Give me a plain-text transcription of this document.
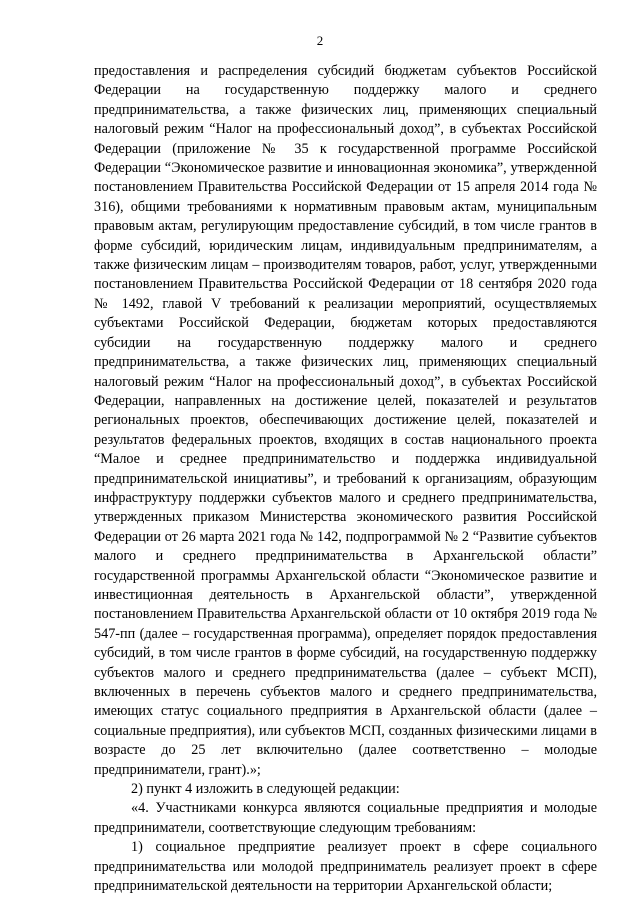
2

предоставления и распределения субсидий бюджетам субъектов Российской Федерации на государственную поддержку малого и среднего предпринимательства, а также физических лиц, применяющих специальный налоговый режим “Налог на профессиональный доход”, в субъектах Российской Федерации (приложение № 35 к государственной программе Российской Федерации “Экономическое развитие и инновационная экономика”, утвержденной постановлением Правительства Российской Федерации от 15 апреля 2014 года № 316), общими требованиями к нормативным правовым актам, муниципальным правовым актам, регулирующим предоставление субсидий, в том числе грантов в форме субсидий, юридическим лицам, индивидуальным предпринимателям, а также физическим лицам – производителям товаров, работ, услуг, утвержденными постановлением Правительства Российской Федерации от 18 сентября 2020 года № 1492, главой V требований к реализации мероприятий, осуществляемых субъектами Российской Федерации, бюджетам которых предоставляются субсидии на государственную поддержку малого и среднего предпринимательства, а также физических лиц, применяющих специальный налоговый режим “Налог на профессиональный доход”, в субъектах Российской Федерации, направленных на достижение целей, показателей и результатов региональных проектов, обеспечивающих достижение целей, показателей и результатов федеральных проектов, входящих в состав национального проекта “Малое и среднее предпринимательство и поддержка индивидуальной предпринимательской инициативы”, и требований к организациям, образующим инфраструктуру поддержки субъектов малого и среднего предпринимательства, утвержденных приказом Министерства экономического развития Российской Федерации от 26 марта 2021 года № 142, подпрограммой № 2 “Развитие субъектов малого и среднего предпринимательства в Архангельской области” государственной программы Архангельской области “Экономическое развитие и инвестиционная деятельность в Архангельской области”, утвержденной постановлением Правительства Архангельской области от 10 октября 2019 года № 547-пп (далее – государственная программа), определяет порядок предоставления субсидий, в том числе грантов в форме субсидий, на государственную поддержку субъектов малого и среднего предпринимательства (далее – субъект МСП), включенных в перечень субъектов малого и среднего предпринимательства, имеющих статус социального предприятия в Архангельской области (далее – социальные предприятия), или субъектов МСП, созданных физическими лицами в возрасте до 25 лет включительно (далее соответственно – молодые предприниматели, грант).»;

2) пункт 4 изложить в следующей редакции:

«4. Участниками конкурса являются социальные предприятия и молодые предприниматели, соответствующие следующим требованиям:

1) социальное предприятие реализует проект в сфере социального предпринимательства или молодой предприниматель реализует проект в сфере предпринимательской деятельности на территории Архангельской области;
